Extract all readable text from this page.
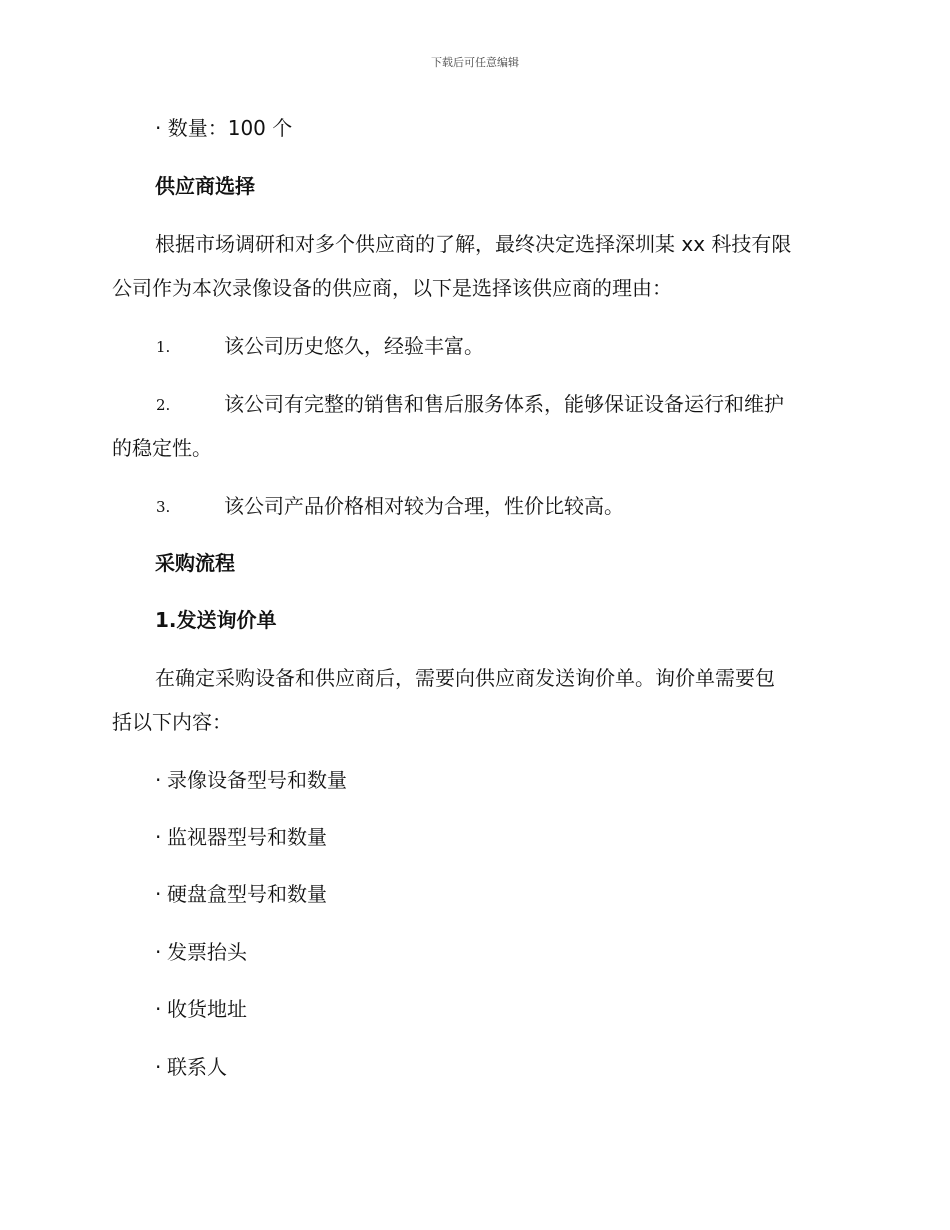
下载后可任意编辑
· 数量：100 个
供应商选择
根据市场调研和对多个供应商的了解，最终决定选择深圳某 xx 科技有限
公司作为本次录像设备的供应商，以下是选择该供应商的理由：
1.	该公司历史悠久，经验丰富。
2.	该公司有完整的销售和售后服务体系，能够保证设备运行和维护
的稳定性。
3.	该公司产品价格相对较为合理，性价比较高。
采购流程
1.发送询价单
在确定采购设备和供应商后，需要向供应商发送询价单。询价单需要包
括以下内容：
· 录像设备型号和数量
· 监视器型号和数量
· 硬盘盒型号和数量
· 发票抬头
· 收货地址
· 联系人
